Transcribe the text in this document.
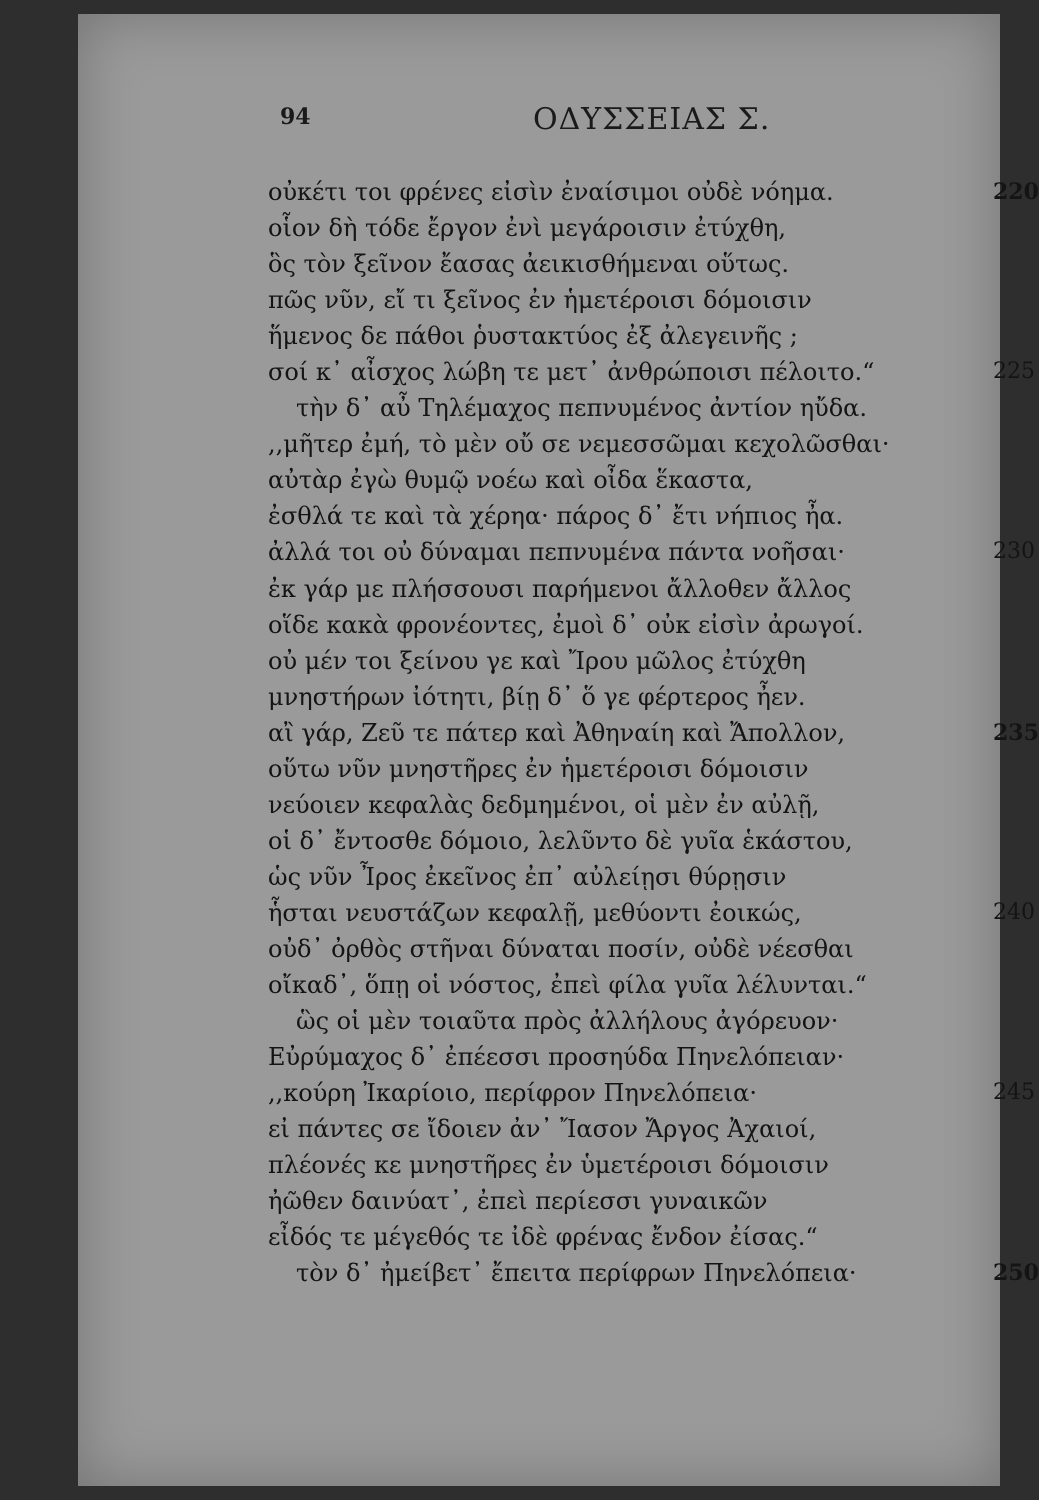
94	ΟΔΥΣΣΕΙΑΣ Σ.
οὐκέτι τοι φρένες εἰσὶν ἐναίσιμοι οὐδὲ νόημα.	220
οἷον δὴ τόδε ἔργον ἐνὶ μεγάροισιν ἐτύχθη,
ὃς τὸν ξεῖνον ἔασας ἀεικισθήμεναι οὕτως.
πῶς νῦν, εἴ τι ξεῖνος ἐν ἡμετέροισι δόμοισιν
ἥμενος δε πάθοι ῥυστακτύος ἐξ ἀλεγεινῆς ;
σοί κ᾽ αἶσχος λώβη τε μετ᾽ ἀνθρώποισι πέλοιτο.“	225
τὴν δ᾽ αὖ Τηλέμαχος πεπνυμένος ἀντίον ηὔδα.
,,μῆτερ ἐμή, τὸ μὲν οὔ σε νεμεσσῶμαι κεχολῶσθαι·
αὐτὰρ ἐγὼ θυμῷ νοέω καὶ οἶδα ἕκαστα,
ἐσθλά τε καὶ τὰ χέρηα· πάρος δ᾽ ἔτι νήπιος ἦα.
ἀλλά τοι οὐ δύναμαι πεπνυμένα πάντα νοῆσαι·	230
ἐκ γάρ με πλήσσουσι παρήμενοι ἄλλοθεν ἄλλος
οἵδε κακὰ φρονέοντες, ἐμοὶ δ᾽ οὐκ εἰσὶν ἀρωγοί.
οὐ μέν τοι ξείνου γε καὶ Ἴρου μῶλος ἐτύχθη
μνηστήρων ἰότητι, βίῃ δ᾽ ὅ γε φέρτερος ἦεν.
αἲ γάρ, Ζεῦ τε πάτερ καὶ Ἀθηναίη καὶ Ἄπολλον,	235
οὕτω νῦν μνηστῆρες ἐν ἡμετέροισι δόμοισιν
νεύοιεν κεφαλὰς δεδμημένοι, οἱ μὲν ἐν αὐλῇ,
οἱ δ᾽ ἔντοσθε δόμοιο, λελῦντο δὲ γυῖα ἑκάστου,
ὡς νῦν Ἶρος ἐκεῖνος ἐπ᾽ αὐλείῃσι θύρῃσιν
ἧσται νευστάζων κεφαλῇ, μεθύοντι ἐοικώς,	240
οὐδ᾽ ὀρθὸς στῆναι δύναται ποσίν, οὐδὲ νέεσθαι
οἴκαδ᾽, ὅπῃ οἱ νόστος, ἐπεὶ φίλα γυῖα λέλυνται.“
ὣς οἱ μὲν τοιαῦτα πρὸς ἀλλήλους ἀγόρευον·
Εὐρύμαχος δ᾽ ἐπέεσσι προσηύδα Πηνελόπειαν·
,,κούρη Ἰκαρίοιο, περίφρον Πηνελόπεια·	245
εἰ πάντες σε ἴδοιεν ἀν᾽ Ἴασον Ἄργος Ἀχαιοί,
πλέονές κε μνηστῆρες ἐν ὑμετέροισι δόμοισιν
ἠῶθεν δαινύατ᾽, ἐπεὶ περίεσσι γυναικῶν
εἶδός τε μέγεθός τε ἰδὲ φρένας ἔνδον ἐίσας.“
τὸν δ᾽ ἠμείβετ᾽ ἔπειτα περίφρων Πηνελόπεια·	250
